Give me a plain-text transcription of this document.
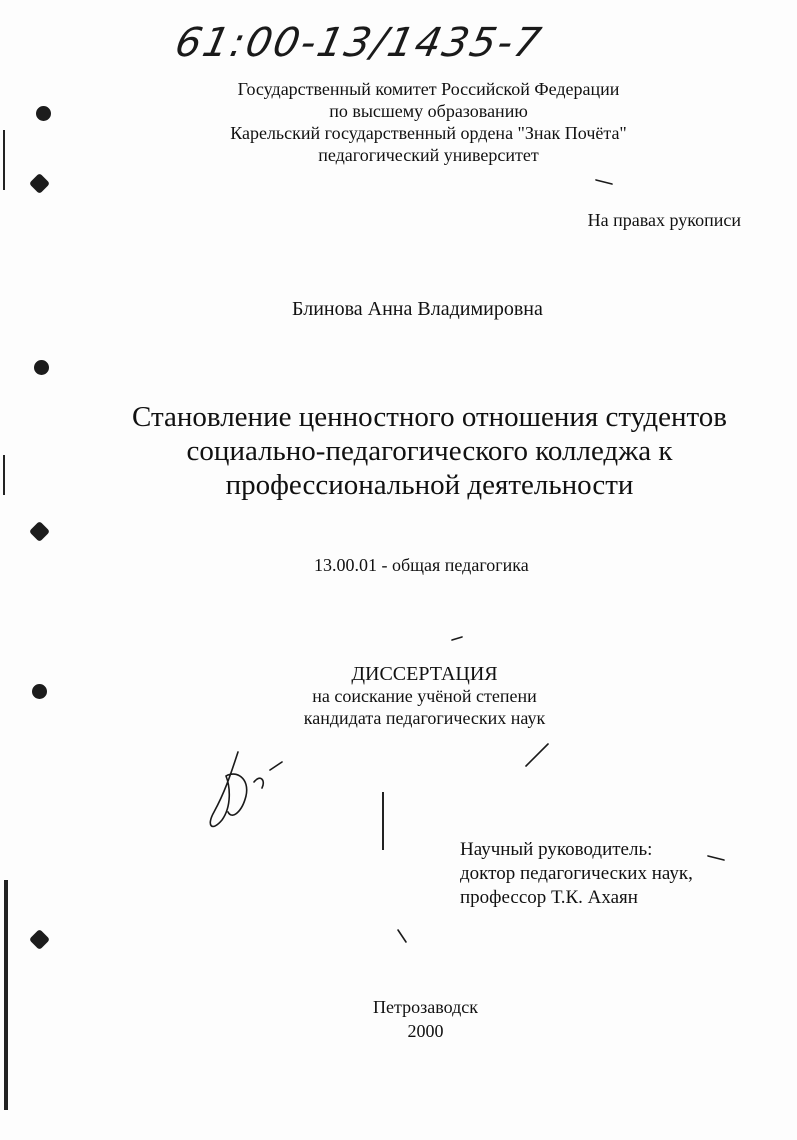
61:00-13/1435-7
Государственный комитет Российской Федерации
по высшему образованию
Карельский государственный ордена "Знак Почёта"
педагогический университет
На правах рукописи
Блинова Анна Владимировна
Становление ценностного отношения студентов
социально-педагогического колледжа к
профессиональной деятельности
13.00.01 - общая педагогика
ДИССЕРТАЦИЯ
на соискание учёной степени
кандидата педагогических наук
Научный руководитель:
доктор педагогических наук,
профессор Т.К. Ахаян
Петрозаводск
2000
